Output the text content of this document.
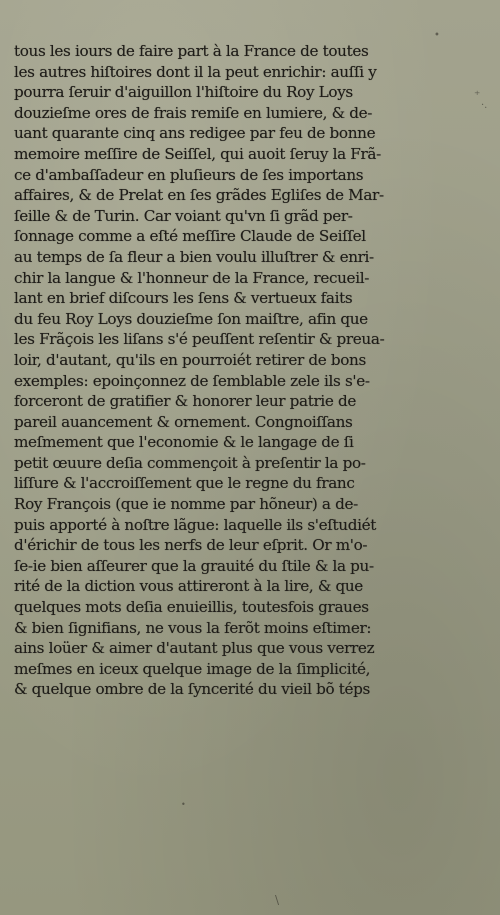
tous les iours de faire part à la France de toutes
les autres hiſtoires dont il la peut enrichir: auſſi y
pourra ſeruir d'aiguillon l'hiſtoire du Roy Loys
douzieſme ores de frais remiſe en lumiere, & de-
uant quarante cinq ans redigee par feu de bonne
memoire meſſire de Seiſſel, qui auoit ſeruy la Frã-
ce d'ambaſſadeur en pluſieurs de ſes importans
affaires, & de Prelat en ſes grãdes Egliſes de Mar-
ſeille & de Turin. Car voiant qu'vn ſi grãd per-
ſonnage comme a eſté meſſire Claude de Seiſſel
au temps de ſa fleur a bien voulu illuſtrer & enri-
chir la langue & l'honneur de la France, recueil-
lant en brief diſcours les ſens & vertueux faits
du feu Roy Loys douzieſme ſon maiſtre, afin que
les Frãçois les liſans s'é peuſſent reſentir & preua-
loir, d'autant, qu'ils en pourroiét retirer de bons
exemples: epoinçonnez de ſemblable zele ils s'e-
forceront de gratifier & honorer leur patrie de
pareil auancement & ornement. Congnoiſſans
meſmement que l'economie & le langage de ſi
petit œuure deſia commençoit à preſentir la po-
liſſure & l'accroiſſement que le regne du franc
Roy François (que ie nomme par hõneur) a de-
puis apporté à noſtre lãgue: laquelle ils s'eſtudiét
d'érichir de tous les nerfs de leur eſprit. Or m'o-
ſe-ie bien aſſeurer que la grauité du ſtile & la pu-
rité de la diction vous attireront à la lire, & que
quelques mots deſia enuieillis, toutesfois graues
& bien ſignifians, ne vous la ferõt moins eſtimer:
ains loüer & aimer d'autant plus que vous verrez
meſmes en iceux quelque image de la ſimplicité,
& quelque ombre de la ſyncerité du vieil bõ téps
•
⁺
·.
•
\
